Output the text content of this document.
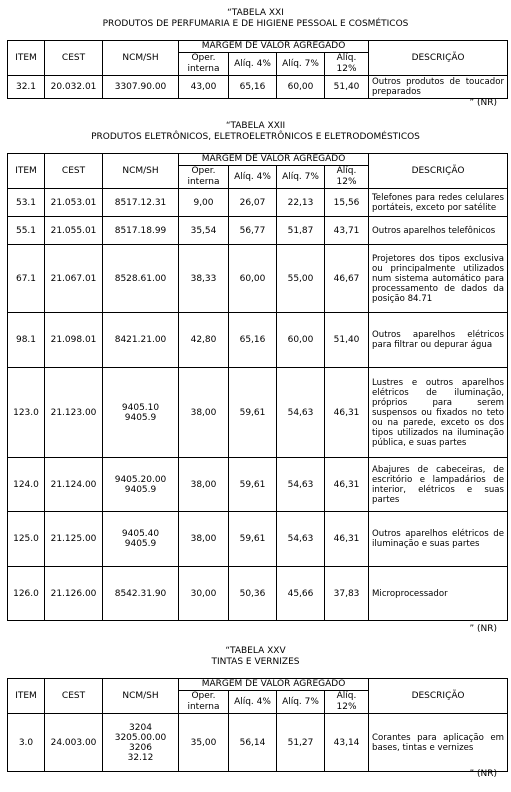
“TABELA XXI
PRODUTOS DE PERFUMARIA E DE HIGIENE PESSOAL E COSMÉTICOS
ITEM	CEST	NCM/SH	MARGEM DE VALOR AGREGADO				DESCRIÇÃO
			Oper. interna	Alíq. 4%	Alíq. 7%	Alíq. 12%	
32.1	20.032.01	3307.90.00	43,00	65,16	60,00	51,40	Outros produtos de toucador preparados
” (NR)
“TABELA XXII
PRODUTOS ELETRÔNICOS, ELETROELETRÔNICOS E ELETRODOMÉSTICOS
ITEM	CEST	NCM/SH	MARGEM DE VALOR AGREGADO				DESCRIÇÃO
			Oper. interna	Alíq. 4%	Alíq. 7%	Alíq. 12%	
53.1	21.053.01	8517.12.31	9,00	26,07	22,13	15,56	Telefones para redes celulares portáteis, exceto por satélite
55.1	21.055.01	8517.18.99	35,54	56,77	51,87	43,71	Outros aparelhos telefônicos
67.1	21.067.01	8528.61.00	38,33	60,00	55,00	46,67	Projetores dos tipos exclusiva ou principalmente utilizados num sistema automático para processamento de dados da posição 84.71
98.1	21.098.01	8421.21.00	42,80	65,16	60,00	51,40	Outros aparelhos elétricos para filtrar ou depurar água
123.0	21.123.00	9405.10
9405.9	38,00	59,61	54,63	46,31	Lustres e outros aparelhos elétricos de iluminação, próprios para serem suspensos ou fixados no teto ou na parede, exceto os dos tipos utilizados na iluminação pública, e suas partes
124.0	21.124.00	9405.20.00
9405.9	38,00	59,61	54,63	46,31	Abajures de cabeceiras, de escritório e lampadários de interior, elétricos e suas partes
125.0	21.125.00	9405.40
9405.9	38,00	59,61	54,63	46,31	Outros aparelhos elétricos de iluminação e suas partes
126.0	21.126.00	8542.31.90	30,00	50,36	45,66	37,83	Microprocessador
” (NR)
“TABELA XXV
TINTAS E VERNIZES
ITEM	CEST	NCM/SH	MARGEM DE VALOR AGREGADO				DESCRIÇÃO
			Oper. interna	Alíq. 4%	Alíq. 7%	Alíq. 12%	
3.0	24.003.00	3204
3205.00.00
3206
32.12	35,00	56,14	51,27	43,14	Corantes para aplicação em bases, tintas e vernizes
” (NR)
